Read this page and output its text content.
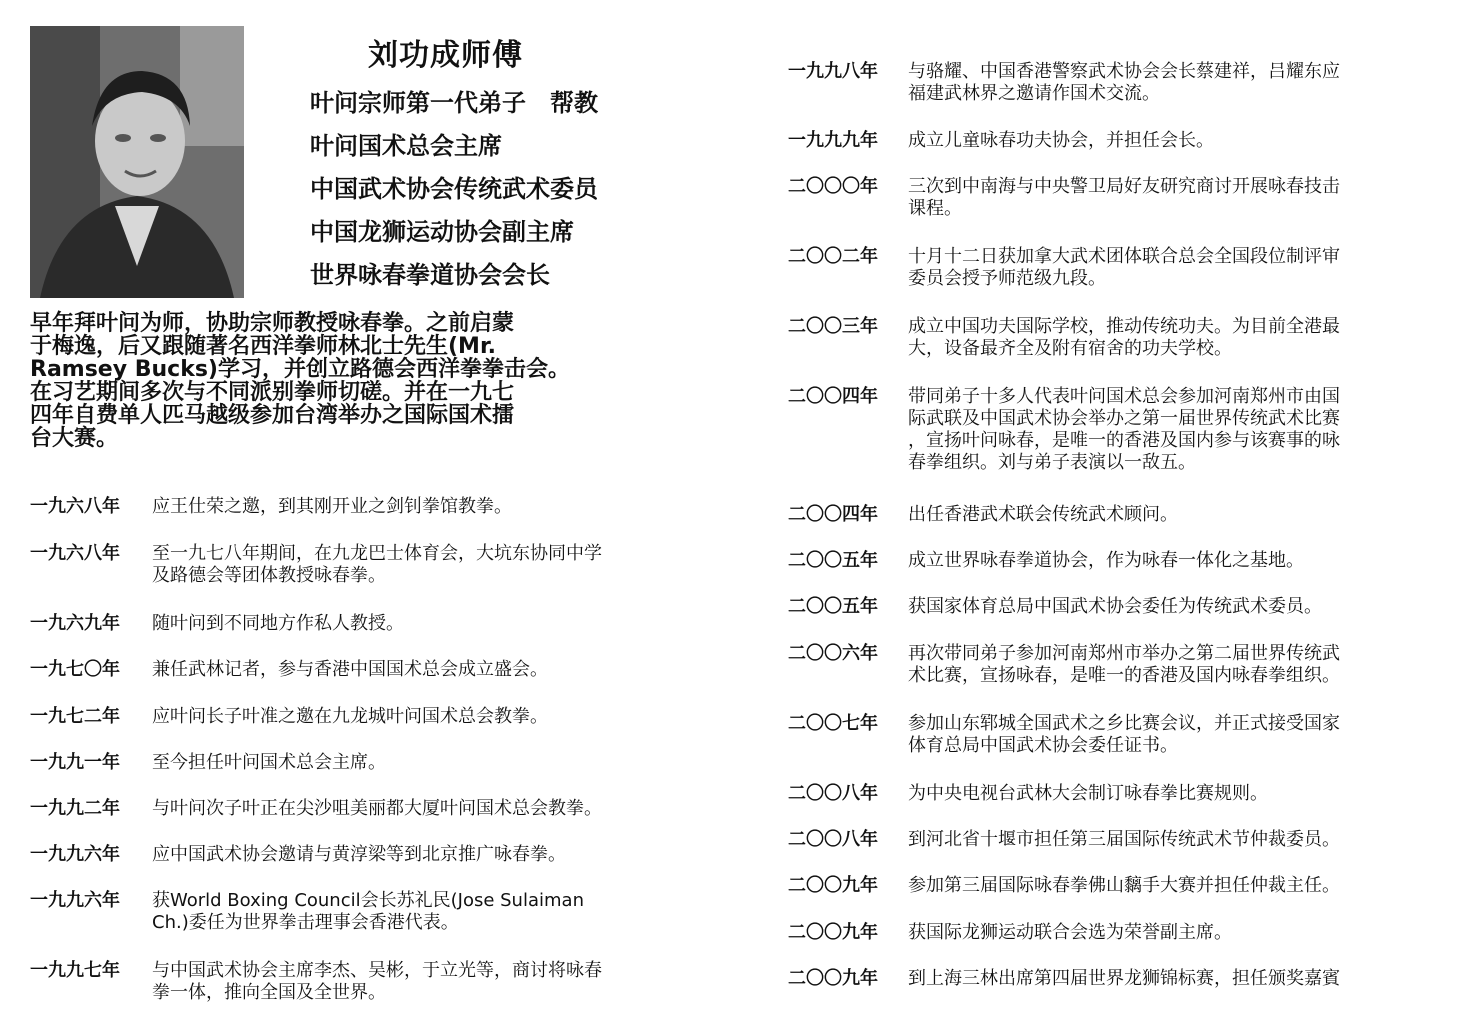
刘功成师傅
叶问宗师第一代弟子　帮教
叶问国术总会主席
中国武术协会传统武术委员
中国龙狮运动协会副主席
世界咏春拳道协会会长
早年拜叶问为师，协助宗师教授咏春拳。之前启蒙
于梅逸，后又跟随著名西洋拳师林北士先生(Mr.
Ramsey Bucks)学习，并创立路德会西洋拳拳击会。
在习艺期间多次与不同派别拳师切磋。并在一九七
四年自费单人匹马越级参加台湾举办之国际国术擂
台大赛。
一九六八年 应王仕荣之邀，到其刚开业之剑钊拳馆教拳。
一九六八年 至一九七八年期间，在九龙巴士体育会，大坑东协同中学
及路德会等团体教授咏春拳。
一九六九年 随叶问到不同地方作私人教授。
一九七〇年 兼任武林记者，参与香港中国国术总会成立盛会。
一九七二年 应叶问长子叶准之邀在九龙城叶问国术总会教拳。
一九九一年 至今担任叶问国术总会主席。
一九九二年 与叶问次子叶正在尖沙咀美丽都大厦叶问国术总会教拳。
一九九六年 应中国武术协会邀请与黄淳梁等到北京推广咏春拳。
一九九六年 获World Boxing Council会长苏礼民(Jose Sulaiman
Ch.)委任为世界拳击理事会香港代表。
一九九七年 与中国武术协会主席李杰、吴彬，于立光等，商讨将咏春
拳一体，推向全国及全世界。
一九九八年 与骆耀、中国香港警察武术协会会长蔡建祥，吕耀东应
福建武林界之邀请作国术交流。
一九九九年 成立儿童咏春功夫协会，并担任会长。
二〇〇〇年 三次到中南海与中央警卫局好友研究商讨开展咏春技击
课程。
二〇〇二年 十月十二日获加拿大武术团体联合总会全国段位制评审
委员会授予师范级九段。
二〇〇三年 成立中国功夫国际学校，推动传统功夫。为目前全港最
大，设备最齐全及附有宿舍的功夫学校。
二〇〇四年 带同弟子十多人代表叶问国术总会参加河南郑州市由国
际武联及中国武术协会举办之第一届世界传统武术比赛
，宣扬叶问咏春，是唯一的香港及国内参与该赛事的咏
春拳组织。刘与弟子表演以一敌五。
二〇〇四年 出任香港武术联会传统武术顾问。
二〇〇五年 成立世界咏春拳道协会，作为咏春一体化之基地。
二〇〇五年 获国家体育总局中国武术协会委任为传统武术委员。
二〇〇六年 再次带同弟子参加河南郑州市举办之第二届世界传统武
术比赛，宣扬咏春，是唯一的香港及国内咏春拳组织。
二〇〇七年 参加山东郓城全国武术之乡比赛会议，并正式接受国家
体育总局中国武术协会委任证书。
二〇〇八年 为中央电视台武林大会制订咏春拳比赛规则。
二〇〇八年 到河北省十堰市担任第三届国际传统武术节仲裁委员。
二〇〇九年 参加第三届国际咏春拳佛山黐手大赛并担任仲裁主任。
二〇〇九年 获国际龙狮运动联合会选为荣誉副主席。
二〇〇九年 到上海三林出席第四届世界龙狮锦标赛，担任颁奖嘉賓
